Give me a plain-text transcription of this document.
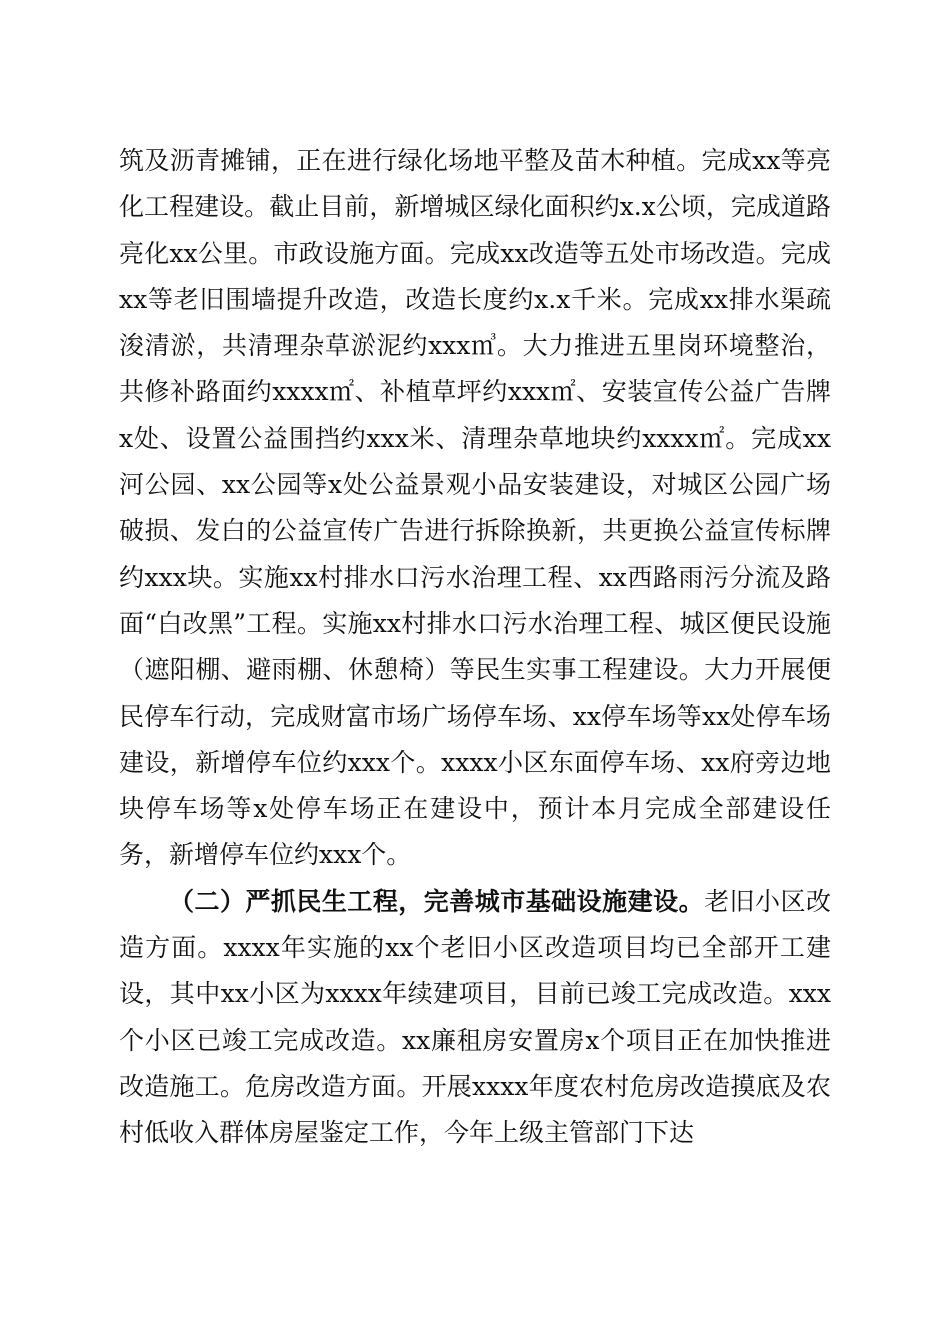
筑及沥青摊铺，正在进行绿化场地平整及苗木种植。完成xx等亮化工程建设。截止目前，新增城区绿化面积约x.x公顷，完成道路亮化xx公里。市政设施方面。完成xx改造等五处市场改造。完成xx等老旧围墙提升改造，改造长度约x.x千米。完成xx排水渠疏浚清淤，共清理杂草淤泥约xxx㎥。大力推进五里岗环境整治，共修补路面约xxxx㎡、补植草坪约xxx㎡、安装宣传公益广告牌x处、设置公益围挡约xxx米、清理杂草地块约xxxx㎡。完成xx河公园、xx公园等x处公益景观小品安装建设，对城区公园广场破损、发白的公益宣传广告进行拆除换新，共更换公益宣传标牌约xxx块。实施xx村排水口污水治理工程、xx西路雨污分流及路面“白改黑”工程。实施xx村排水口污水治理工程、城区便民设施（遮阳棚、避雨棚、休憩椅）等民生实事工程建设。大力开展便民停车行动，完成财富市场广场停车场、xx停车场等xx处停车场建设，新增停车位约xxx个。xxxx小区东面停车场、xx府旁边地块停车场等x处停车场正在建设中，预计本月完成全部建设任务，新增停车位约xxx个。

（二）严抓民生工程，完善城市基础设施建设。老旧小区改造方面。xxxx年实施的xx个老旧小区改造项目均已全部开工建设，其中xx小区为xxxx年续建项目，目前已竣工完成改造。xxx个小区已竣工完成改造。xx廉租房安置房x个项目正在加快推进改造施工。危房改造方面。开展xxxx年度农村危房改造摸底及农村低收入群体房屋鉴定工作，今年上级主管部门下达
